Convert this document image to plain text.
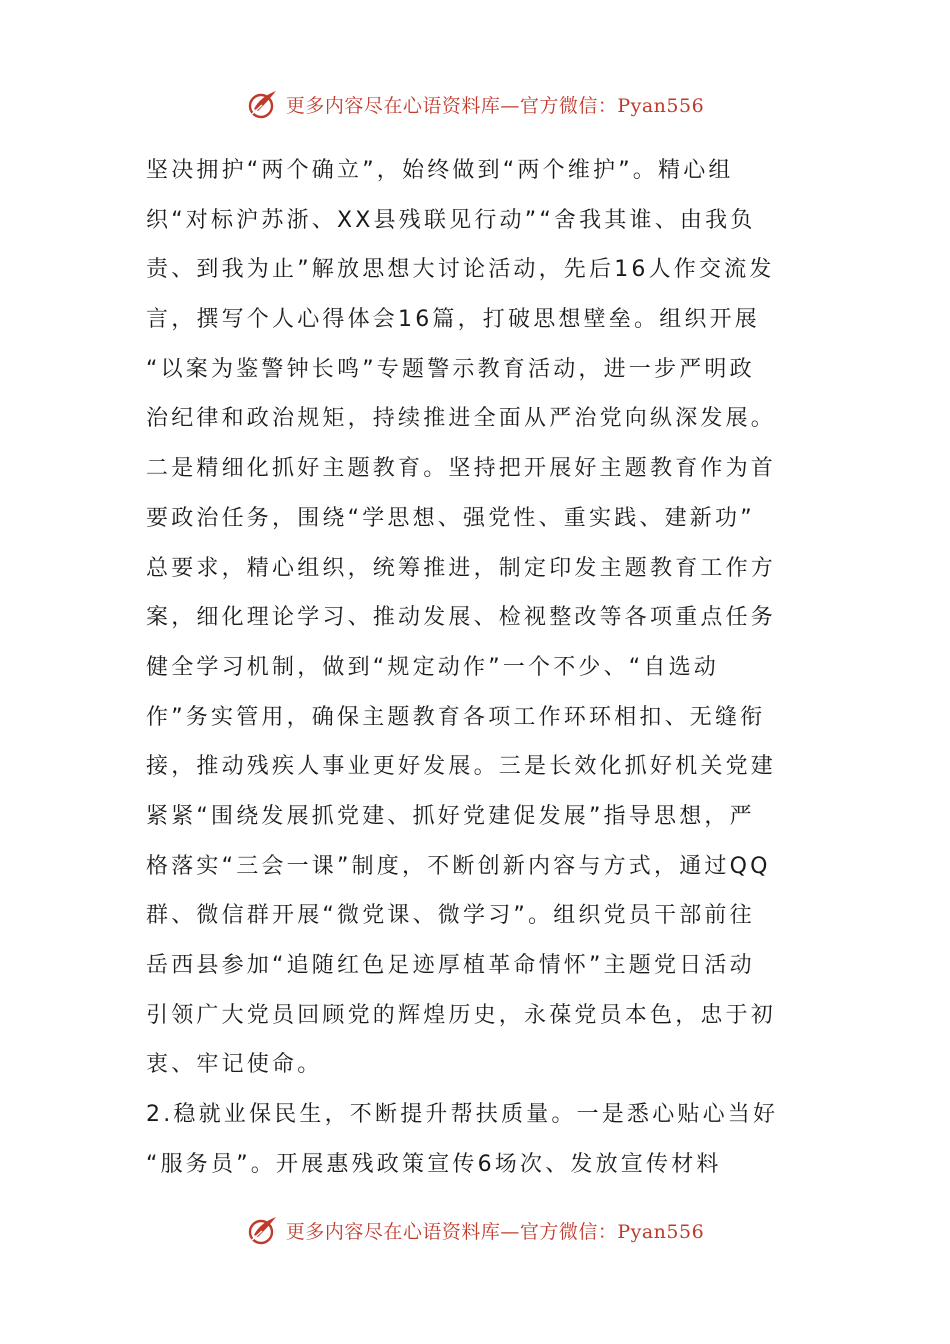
更多内容尽在心语资料库—官方微信：Pyan556
坚决拥护“两个确立”，始终做到“两个维护”。精心组
织“对标沪苏浙、XX县残联见行动”“舍我其谁、由我负
责、到我为止”解放思想大讨论活动，先后16人作交流发
言，撰写个人心得体会16篇，打破思想壁垒。组织开展
“以案为鉴警钟长鸣”专题警示教育活动，进一步严明政
治纪律和政治规矩，持续推进全面从严治党向纵深发展。
二是精细化抓好主题教育。坚持把开展好主题教育作为首
要政治任务，围绕“学思想、强党性、重实践、建新功”
总要求，精心组织，统筹推进，制定印发主题教育工作方
案，细化理论学习、推动发展、检视整改等各项重点任务
健全学习机制，做到“规定动作”一个不少、“自选动
作”务实管用，确保主题教育各项工作环环相扣、无缝衔
接，推动残疾人事业更好发展。三是长效化抓好机关党建
紧紧“围绕发展抓党建、抓好党建促发展”指导思想，严
格落实“三会一课”制度，不断创新内容与方式，通过QQ
群、微信群开展“微党课、微学习”。组织党员干部前往
岳西县参加“追随红色足迹厚植革命情怀”主题党日活动
引领广大党员回顾党的辉煌历史，永葆党员本色，忠于初
衷、牢记使命。
2.稳就业保民生，不断提升帮扶质量。一是悉心贴心当好
“服务员”。开展惠残政策宣传6场次、发放宣传材料
更多内容尽在心语资料库—官方微信：Pyan556
